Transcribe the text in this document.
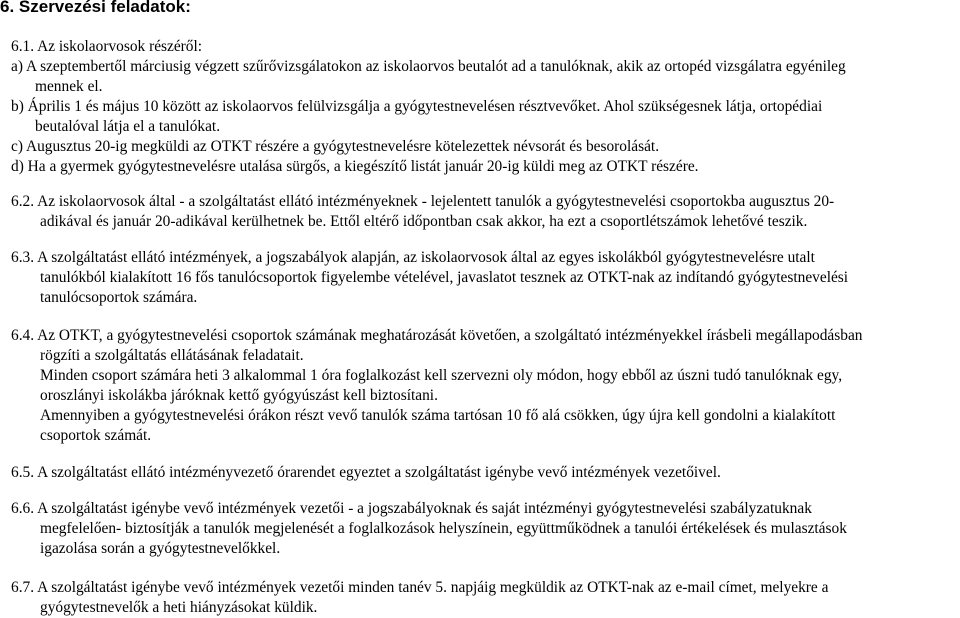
6. Szervezési feladatok:
6.1. Az iskolaorvosok részéről:
a) A szeptembertől márciusig végzett szűrővizsgálatokon az iskolaorvos beutalót ad a tanulóknak, akik az ortopéd vizsgálatra egyénileg
mennek el.
b) Április 1 és május 10 között az iskolaorvos felülvizsgálja a gyógytestnevelésen résztvevőket. Ahol szükségesnek látja, ortopédiai
beutalóval látja el a tanulókat.
c) Augusztus 20-ig megküldi az OTKT részére a gyógytestnevelésre kötelezettek névsorát és besorolását.
d) Ha a gyermek gyógytestnevelésre utalása sürgős, a kiegészítő listát január 20-ig küldi meg az OTKT részére.
6.2. Az iskolaorvosok által - a szolgáltatást ellátó intézményeknek - lejelentett tanulók a gyógytestnevelési csoportokba augusztus 20-
adikával és január 20-adikával kerülhetnek be. Ettől eltérő időpontban csak akkor, ha ezt a csoportlétszámok lehetővé teszik.
6.3. A szolgáltatást ellátó intézmények, a jogszabályok alapján, az iskolaorvosok által az egyes iskolákból gyógytestnevelésre utalt
tanulókból kialakított 16 fős tanulócsoportok figyelembe vételével, javaslatot tesznek az OTKT-nak az indítandó gyógytestnevelési
tanulócsoportok számára.
6.4. Az OTKT, a gyógytestnevelési csoportok számának meghatározását követően, a szolgáltató intézményekkel írásbeli megállapodásban
rögzíti a szolgáltatás ellátásának feladatait.
Minden csoport számára heti 3 alkalommal 1 óra foglalkozást kell szervezni oly módon, hogy ebből az úszni tudó tanulóknak egy,
oroszlányi iskolákba járóknak kettő gyógyúszást kell biztosítani.
Amennyiben a gyógytestnevelési órákon részt vevő tanulók száma tartósan 10 fő alá csökken, úgy újra kell gondolni a kialakított
csoportok számát.
6.5. A szolgáltatást ellátó intézményvezető órarendet egyeztet a szolgáltatást igénybe vevő intézmények vezetőivel.
6.6. A szolgáltatást igénybe vevő intézmények vezetői - a jogszabályoknak és saját intézményi gyógytestnevelési szabályzatuknak
megfelelően- biztosítják a tanulók megjelenését a foglalkozások helyszínein, együttműködnek a tanulói értékelések és mulasztások
igazolása során a gyógytestnevelőkkel.
6.7. A szolgáltatást igénybe vevő intézmények vezetői minden tanév 5. napjáig megküldik az OTKT-nak az e-mail címet, melyekre a
gyógytestnevelők a heti hiányzásokat küldik.
